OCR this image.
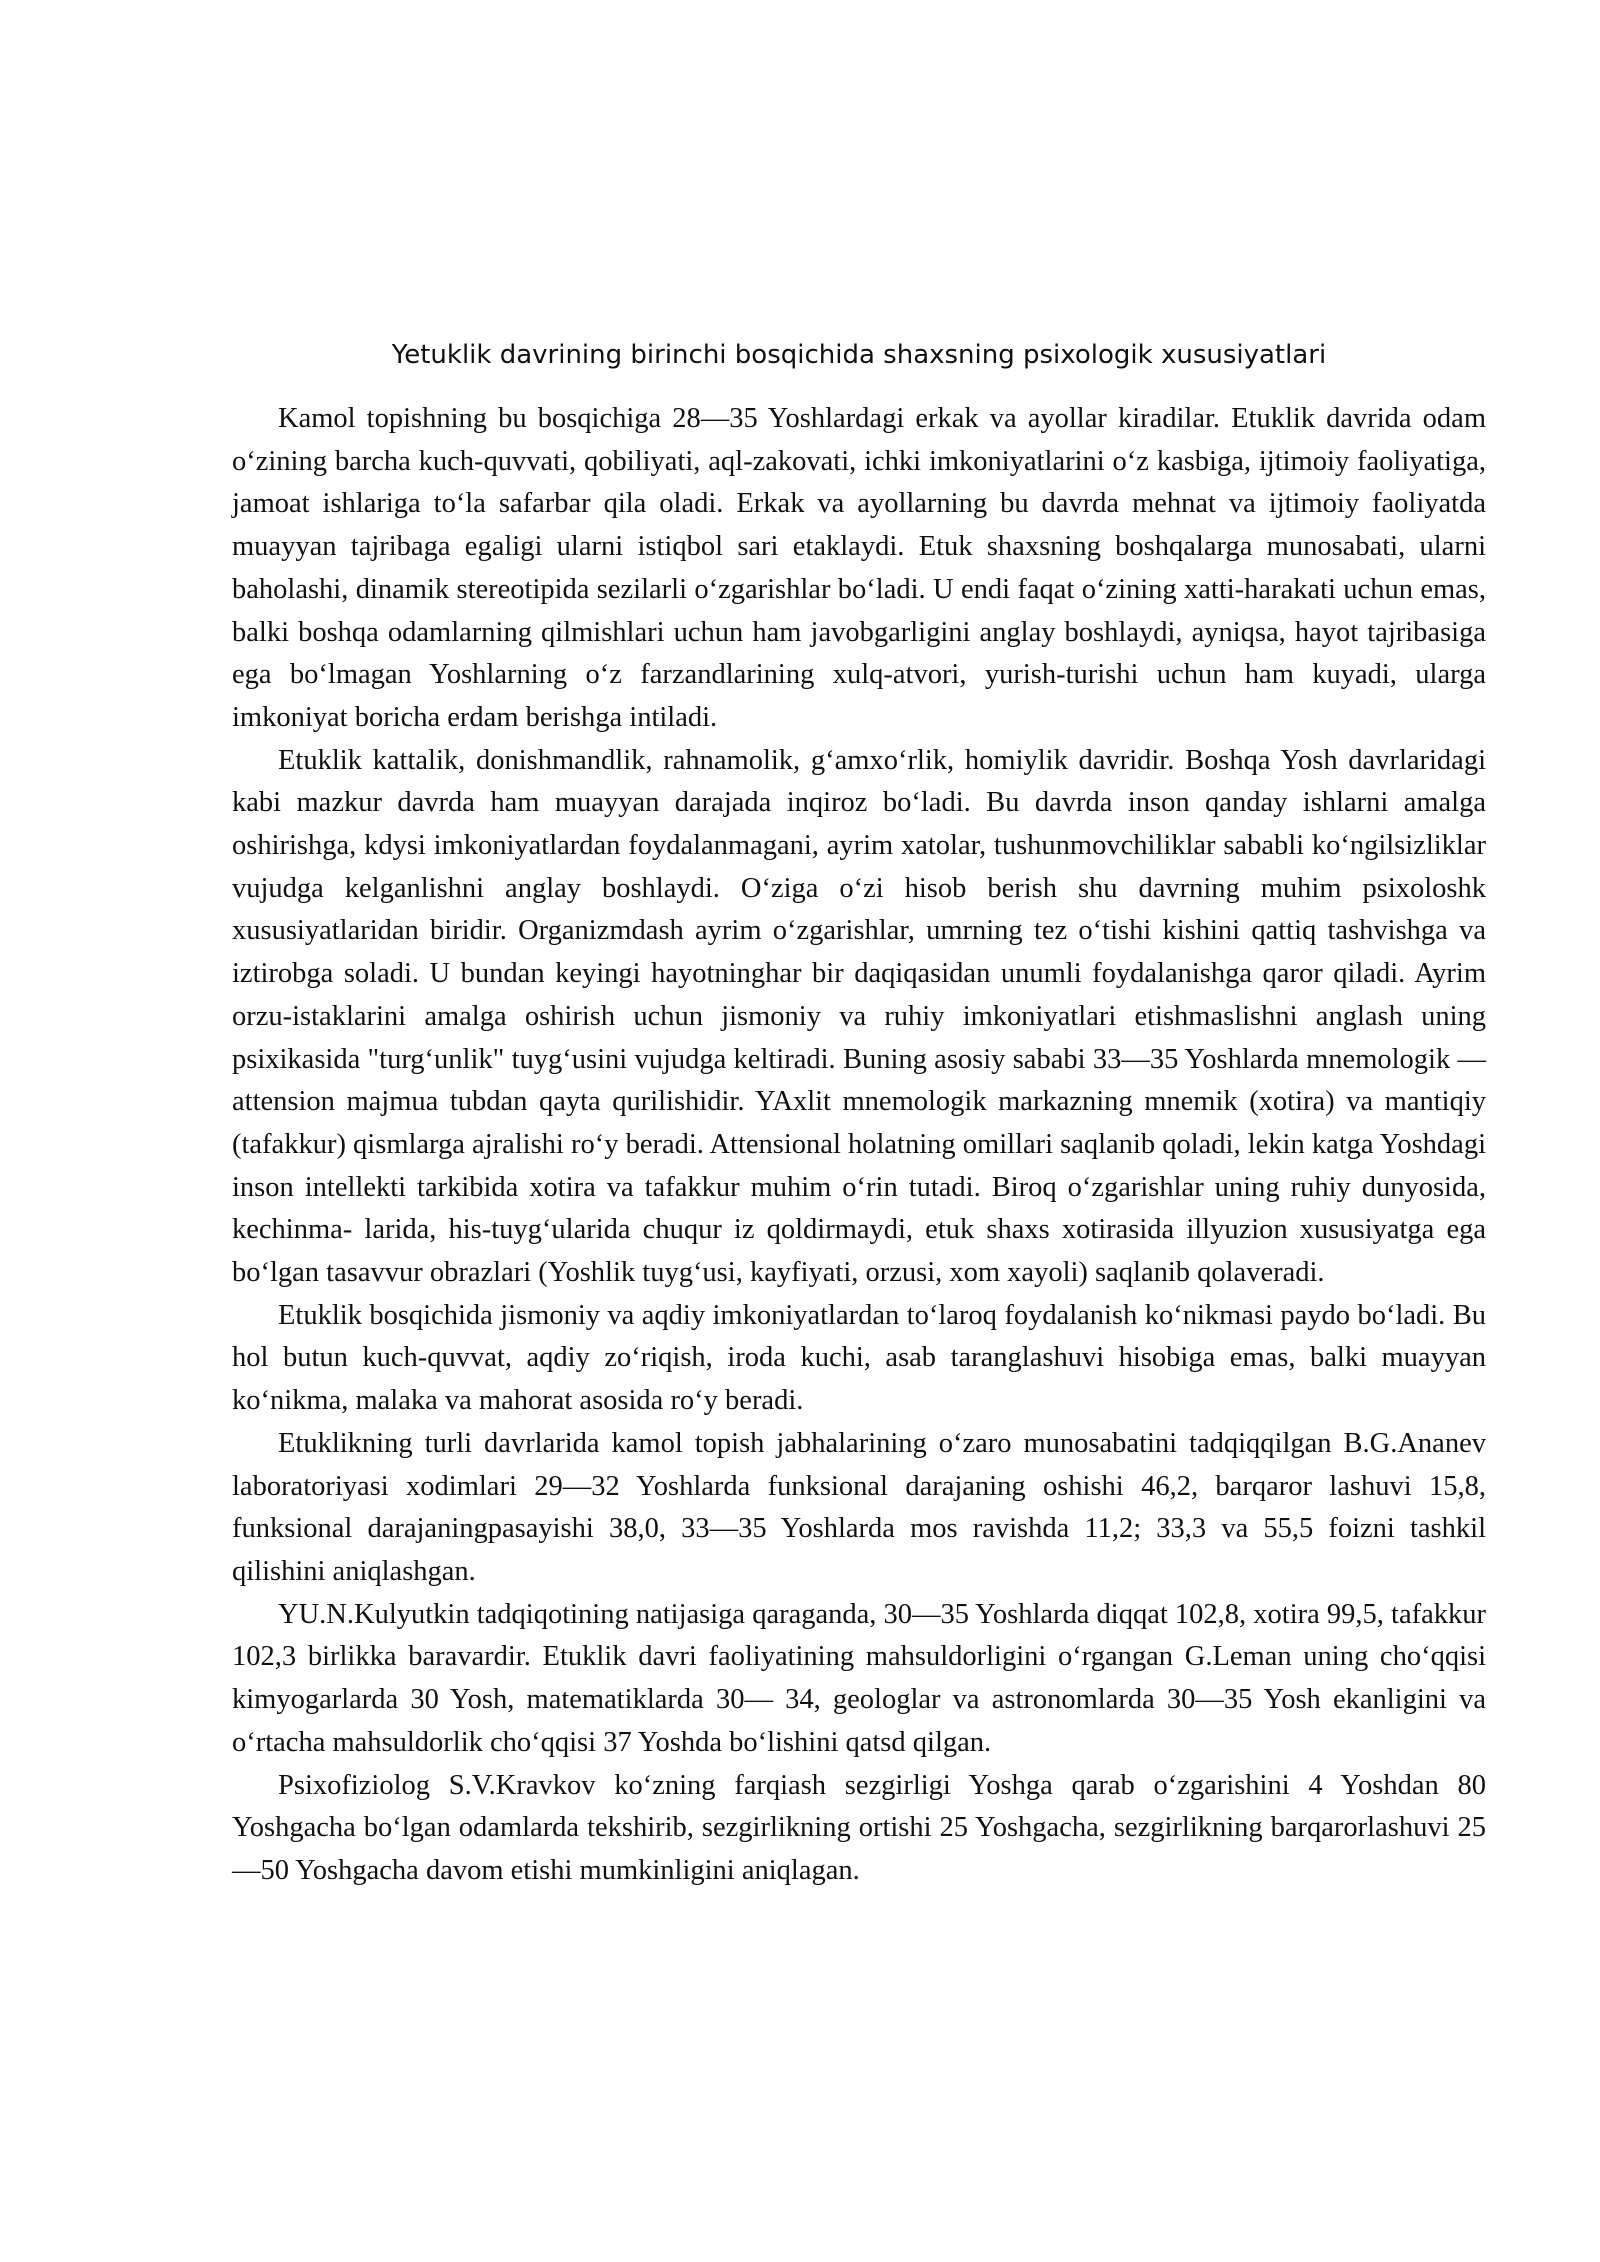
Yetuklik davrining birinchi bosqichida shaxsning psixologik xususiyatlari

Kamol topishning bu bosqichiga 28—35 Yoshlardagi erkak va ayollar kiradilar. Etuklik davrida odam o‘zining barcha kuch-quvvati, qobiliyati, aql-zakovati, ichki imkoniyatlarini o‘z kasbiga, ijtimoiy faoliyatiga, jamoat ishlariga to‘la safarbar qila oladi. Erkak va ayollarning bu davrda mehnat va ijtimoiy faoliyatda muayyan tajribaga egaligi ularni istiqbol sari etaklaydi. Etuk shaxsning boshqalarga munosabati, ularni baholashi, dinamik stereotipida sezilarli o‘zgarishlar bo‘ladi. U endi faqat o‘zining xatti-harakati uchun emas, balki boshqa odamlarning qilmishlari uchun ham javobgarligini anglay boshlaydi, ayniqsa, hayot tajribasiga ega bo‘lmagan Yoshlarning o‘z farzandlarining xulq-atvori, yurish-turishi uchun ham kuyadi, ularga imkoniyat boricha erdam berishga intiladi.

Etuklik kattalik, donishmandlik, rahnamolik, g‘amxo‘rlik, homiylik davridir. Boshqa Yosh davrlaridagi kabi mazkur davrda ham muayyan darajada inqiroz bo‘ladi. Bu davrda inson qanday ishlarni amalga oshirishga, kdysi imkoniyatlardan foydalanmagani, ayrim xatolar, tushunmovchiliklar sababli ko‘ngilsizliklar vujudga kelganlishni anglay boshlaydi. O‘ziga o‘zi hisob berish shu davrning muhim psixoloshk xususiyatlaridan biridir. Organizmdash ayrim o‘zgarishlar, umrning tez o‘tishi kishini qattiq tashvishga va iztirobga soladi. U bundan keyingi hayotninghar bir daqiqasidan unumli foydalanishga qaror qiladi. Ayrim orzu-istaklarini amalga oshirish uchun jismoniy va ruhiy imkoniyatlari etishmaslishni anglash uning psixikasida "turg‘unlik" tuyg‘usini vujudga keltiradi. Buning asosiy sababi 33—35 Yoshlarda mnemologik — attension majmua tubdan qayta qurilishidir. YAxlit mnemologik markazning mnemik (xotira) va mantiqiy (tafakkur) qismlarga ajralishi ro‘y beradi. Attensional holatning omillari saqlanib qoladi, lekin katga Yoshdagi inson intellekti tarkibida xotira va tafakkur muhim o‘rin tutadi. Biroq o‘zgarishlar uning ruhiy dunyosida, kechinma- larida, his-tuyg‘ularida chuqur iz qoldirmaydi, etuk shaxs xotirasida illyuzion xususiyatga ega bo‘lgan tasavvur obrazlari (Yoshlik tuyg‘usi, kayfiyati, orzusi, xom xayoli) saqlanib qolaveradi.

Etuklik bosqichida jismoniy va aqdiy imkoniyatlardan to‘laroq foydalanish ko‘nikmasi paydo bo‘ladi. Bu hol butun kuch-quvvat, aqdiy zo‘riqish, iroda kuchi, asab taranglashuvi hisobiga emas, balki muayyan ko‘nikma, malaka va mahorat asosida ro‘y beradi.

Etuklikning turli davrlarida kamol topish jabhalarining o‘zaro munosabatini tadqiqqilgan B.G.Ananev laboratoriyasi xodimlari 29—32 Yoshlarda funksional darajaning oshishi 46,2, barqaror lashuvi 15,8, funksional darajaningpasayishi 38,0, 33—35 Yoshlarda mos ravishda 11,2; 33,3 va 55,5 foizni tashkil qilishini aniqlashgan.

YU.N.Kulyutkin tadqiqotining natijasiga qaraganda, 30—35 Yoshlarda diqqat 102,8, xotira 99,5, tafakkur 102,3 birlikka baravardir. Etuklik davri faoliyatining mahsuldorligini o‘rgangan G.Leman uning cho‘qqisi kimyogarlarda 30 Yosh, matematiklarda 30— 34, geologlar va astronomlarda 30—35 Yosh ekanligini va o‘rtacha mahsuldorlik cho‘qqisi 37 Yoshda bo‘lishini qatsd qilgan.

Psixofiziolog S.V.Kravkov ko‘zning farqiash sezgirligi Yoshga qarab o‘zgarishini 4 Yoshdan 80 Yoshgacha bo‘lgan odamlarda tekshirib, sezgirlikning ortishi 25 Yoshgacha, sezgirlikning barqarorlashuvi 25—50 Yoshgacha davom etishi mumkinligini aniqlagan.
